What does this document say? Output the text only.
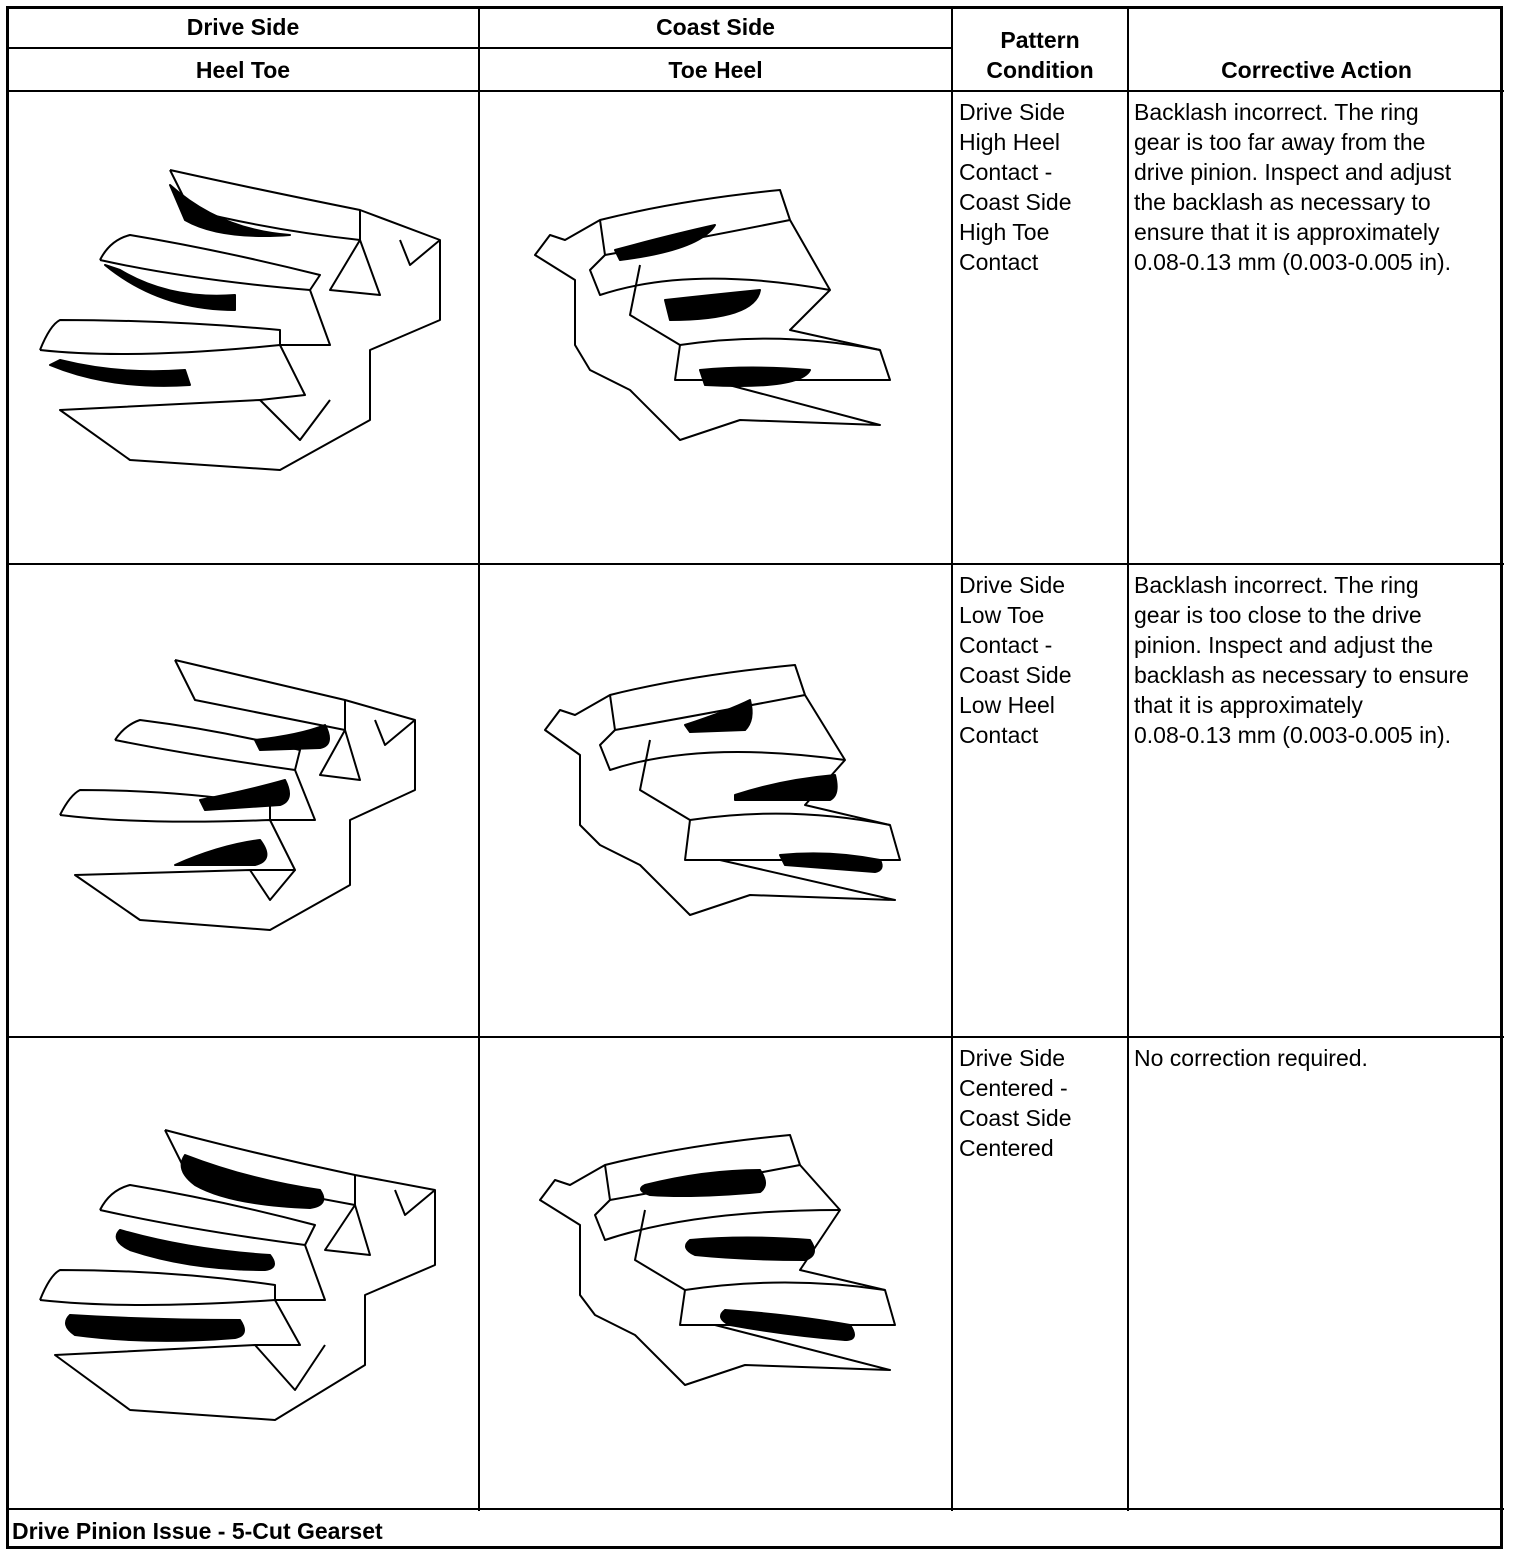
Drive Side
Heel Toe
Coast Side
Toe Heel
Pattern
Condition	Corrective Action
Drive Side
High Heel
Contact -
Coast Side
High Toe
Contact
Backlash incorrect. The ring
gear is too far away from the
drive pinion. Inspect and adjust
the backlash as necessary to
ensure that it is approximately
0.08-0.13 mm (0.003-0.005 in).
Drive Side
Low Toe
Contact -
Coast Side
Low Heel
Contact
Backlash incorrect. The ring
gear is too close to the drive
pinion. Inspect and adjust the
backlash as necessary to ensure
that it is approximately
0.08-0.13 mm (0.003-0.005 in).
Drive Side
Centered -
Coast Side
Centered
No correction required.
Drive Pinion Issue - 5-Cut Gearset
